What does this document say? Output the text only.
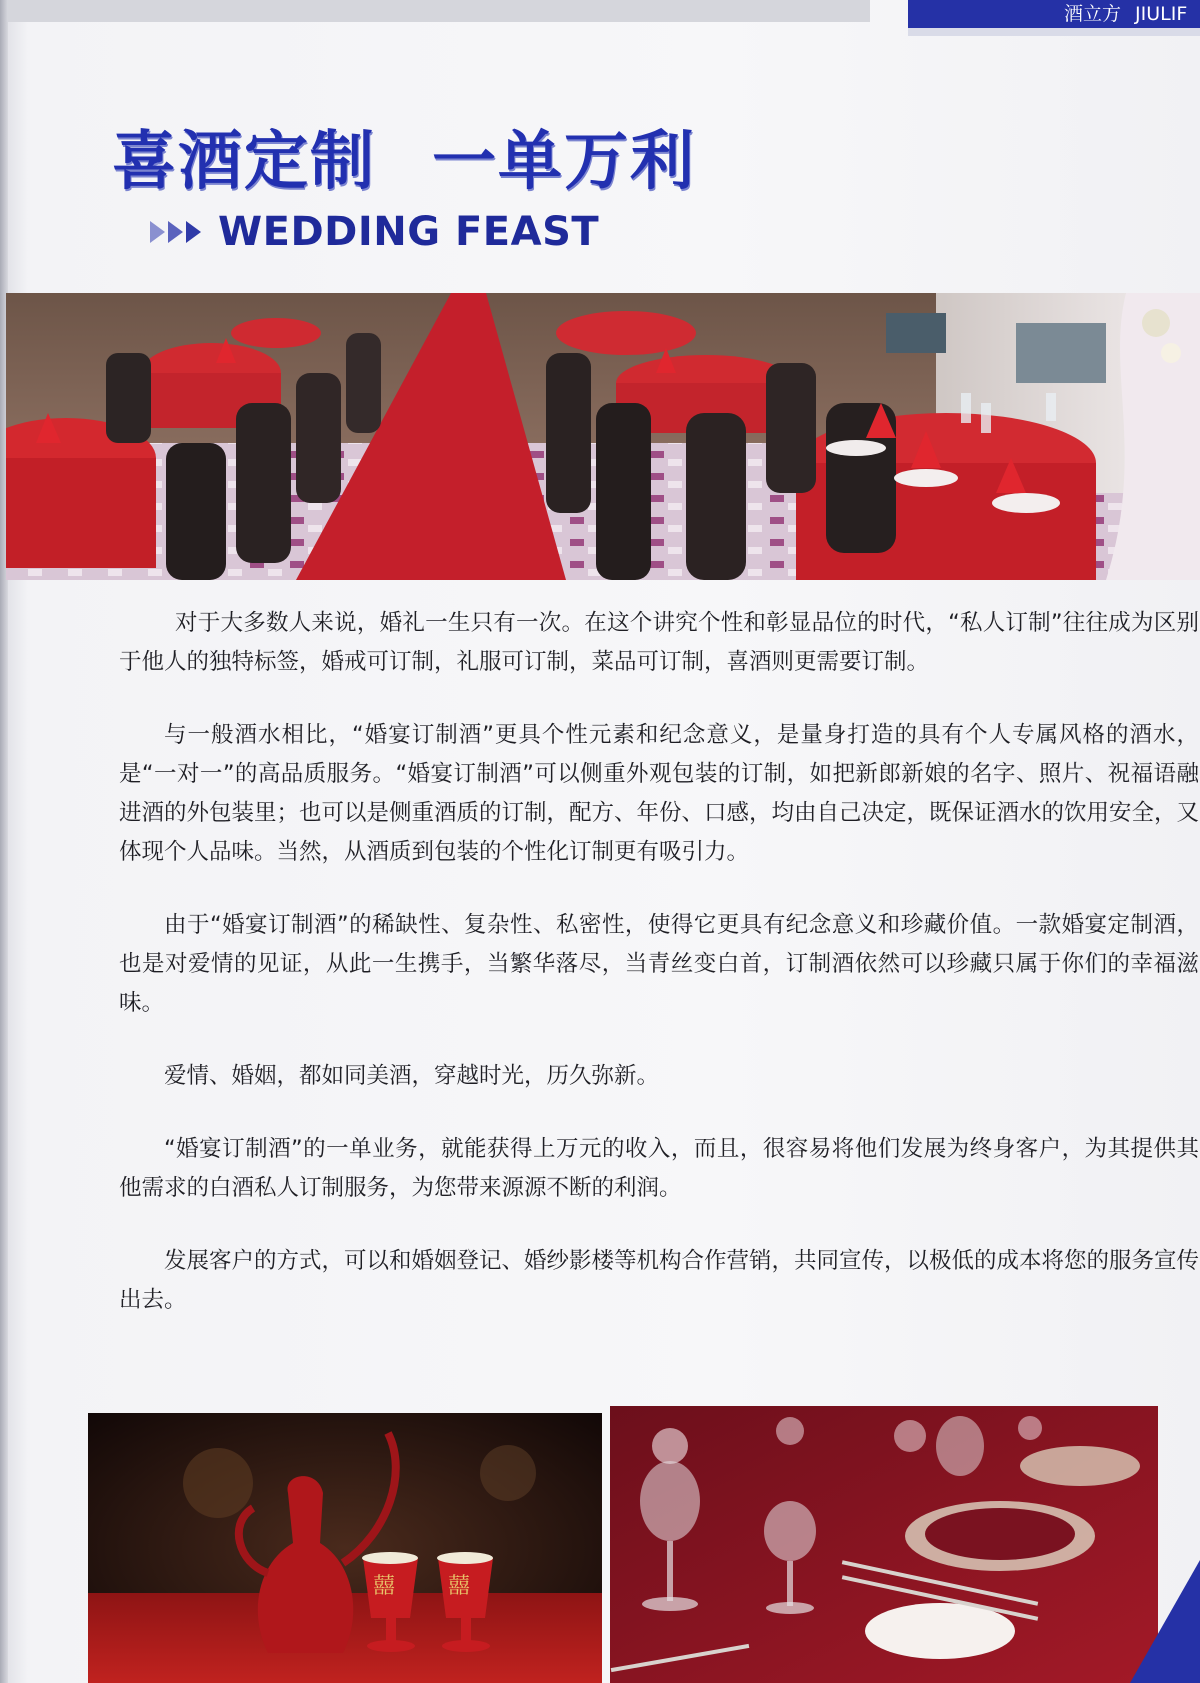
酒立方 JIULIF
喜酒定制 一单万利
WEDDING FEAST

对于大多数人来说，婚礼一生只有一次。在这个讲究个性和彰显品位的时代，“私人订制”往往成为区别于他人的独特标签，婚戒可订制，礼服可订制，菜品可订制，喜酒则更需要订制。

与一般酒水相比，“婚宴订制酒”更具个性元素和纪念意义，是量身打造的具有个人专属风格的酒水，是“一对一”的高品质服务。“婚宴订制酒”可以侧重外观包装的订制，如把新郎新娘的名字、照片、祝福语融进酒的外包装里；也可以是侧重酒质的订制，配方、年份、口感，均由自己决定，既保证酒水的饮用安全，又体现个人品味。当然，从酒质到包装的个性化订制更有吸引力。

由于“婚宴订制酒”的稀缺性、复杂性、私密性，使得它更具有纪念意义和珍藏价值。一款婚宴定制酒，也是对爱情的见证，从此一生携手，当繁华落尽，当青丝变白首，订制酒依然可以珍藏只属于你们的幸福滋味。

爱情、婚姻，都如同美酒，穿越时光，历久弥新。

“婚宴订制酒”的一单业务，就能获得上万元的收入，而且，很容易将他们发展为终身客户，为其提供其他需求的白酒私人订制服务，为您带来源源不断的利润。

发展客户的方式，可以和婚姻登记、婚纱影楼等机构合作营销，共同宣传，以极低的成本将您的服务宣传出去。

囍 囍
